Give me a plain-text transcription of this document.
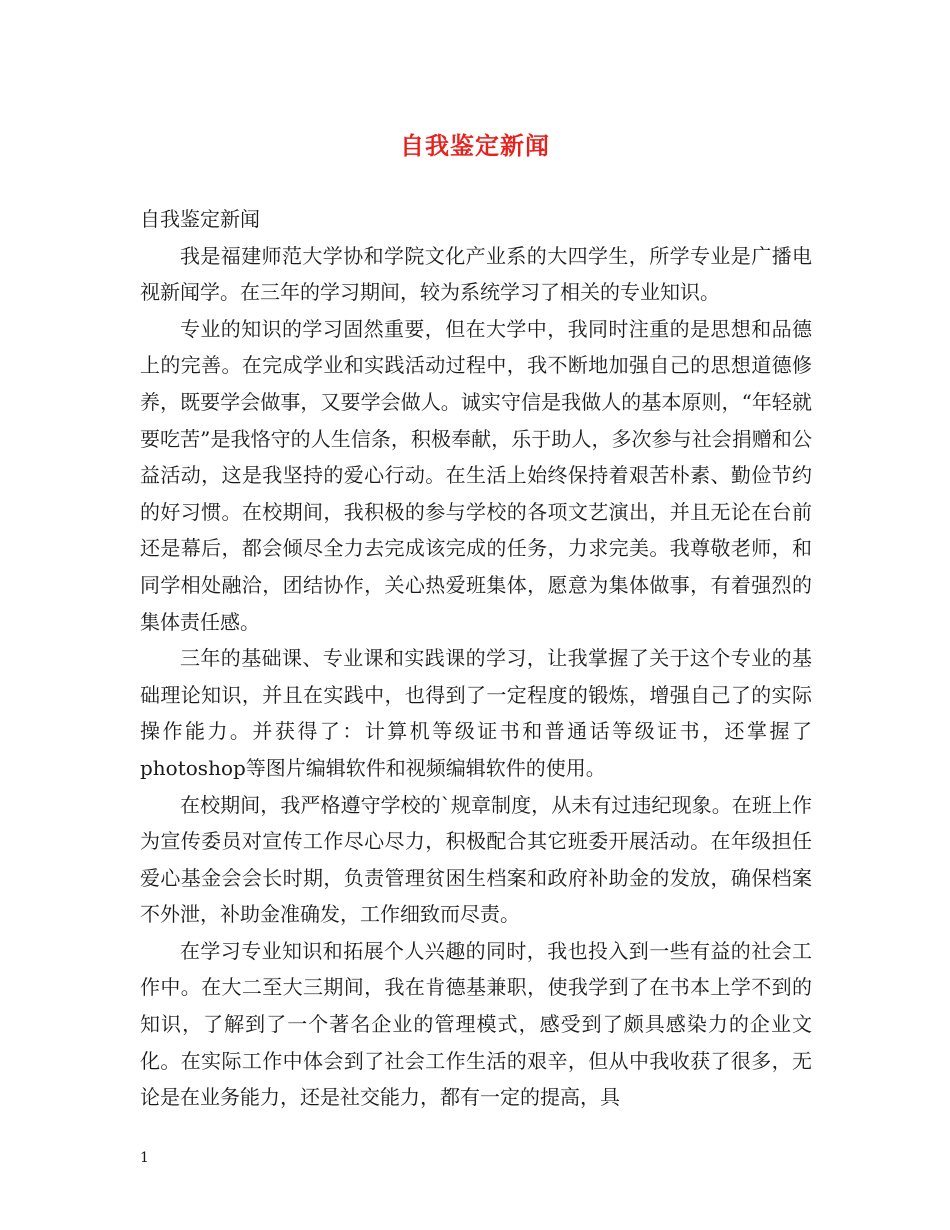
自我鉴定新闻

自我鉴定新闻

我是福建师范大学协和学院文化产业系的大四学生，所学专业是广播电视新闻学。在三年的学习期间，较为系统学习了相关的专业知识。

专业的知识的学习固然重要，但在大学中，我同时注重的是思想和品德上的完善。在完成学业和实践活动过程中，我不断地加强自己的思想道德修养，既要学会做事，又要学会做人。诚实守信是我做人的基本原则，“年轻就要吃苦”是我恪守的人生信条，积极奉献，乐于助人，多次参与社会捐赠和公益活动，这是我坚持的爱心行动。在生活上始终保持着艰苦朴素、勤俭节约的好习惯。在校期间，我积极的参与学校的各项文艺演出，并且无论在台前还是幕后，都会倾尽全力去完成该完成的任务，力求完美。我尊敬老师，和同学相处融洽，团结协作，关心热爱班集体，愿意为集体做事，有着强烈的集体责任感。

三年的基础课、专业课和实践课的学习，让我掌握了关于这个专业的基础理论知识，并且在实践中，也得到了一定程度的锻炼，增强自己了的实际操作能力。并获得了：计算机等级证书和普通话等级证书，还掌握了photoshop等图片编辑软件和视频编辑软件的使用。

在校期间，我严格遵守学校的`规章制度，从未有过违纪现象。在班上作为宣传委员对宣传工作尽心尽力，积极配合其它班委开展活动。在年级担任爱心基金会会长时期，负责管理贫困生档案和政府补助金的发放，确保档案不外泄，补助金准确发，工作细致而尽责。

在学习专业知识和拓展个人兴趣的同时，我也投入到一些有益的社会工作中。在大二至大三期间，我在肯德基兼职，使我学到了在书本上学不到的知识，了解到了一个著名企业的管理模式，感受到了颇具感染力的企业文化。在实际工作中体会到了社会工作生活的艰辛，但从中我收获了很多，无论是在业务能力，还是社交能力，都有一定的提高，具

1
